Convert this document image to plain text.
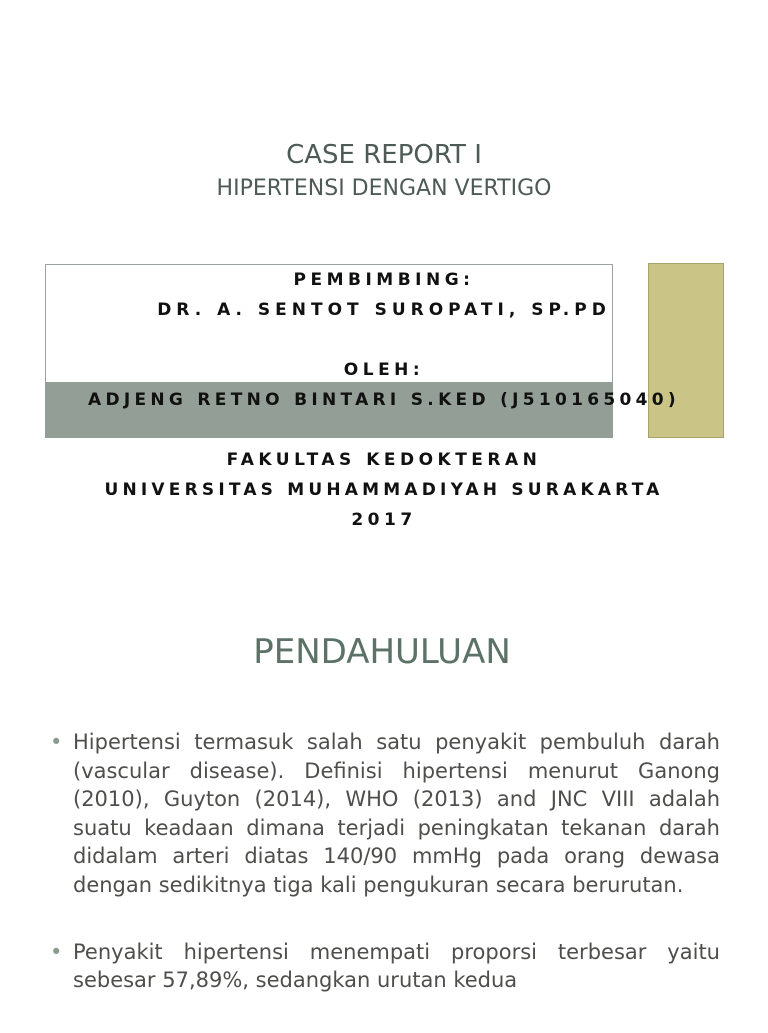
CASE REPORT I
HIPERTENSI DENGAN VERTIGO
PEMBIMBING:
DR. A. SENTOT SUROPATI, SP.PD
OLEH:
ADJENG RETNO BINTARI S.KED (J510165040)
FAKULTAS KEDOKTERAN
UNIVERSITAS MUHAMMADIYAH SURAKARTA
2017
PENDAHULUAN
• Hipertensi termasuk salah satu penyakit pembuluh darah (vascular disease). Definisi hipertensi menurut Ganong (2010), Guyton (2014), WHO (2013) and JNC VIII adalah suatu keadaan dimana terjadi peningkatan tekanan darah didalam arteri diatas 140/90 mmHg pada orang dewasa dengan sedikitnya tiga kali pengukuran secara berurutan.
• Penyakit hipertensi menempati proporsi terbesar yaitu sebesar 57,89%, sedangkan urutan kedua
